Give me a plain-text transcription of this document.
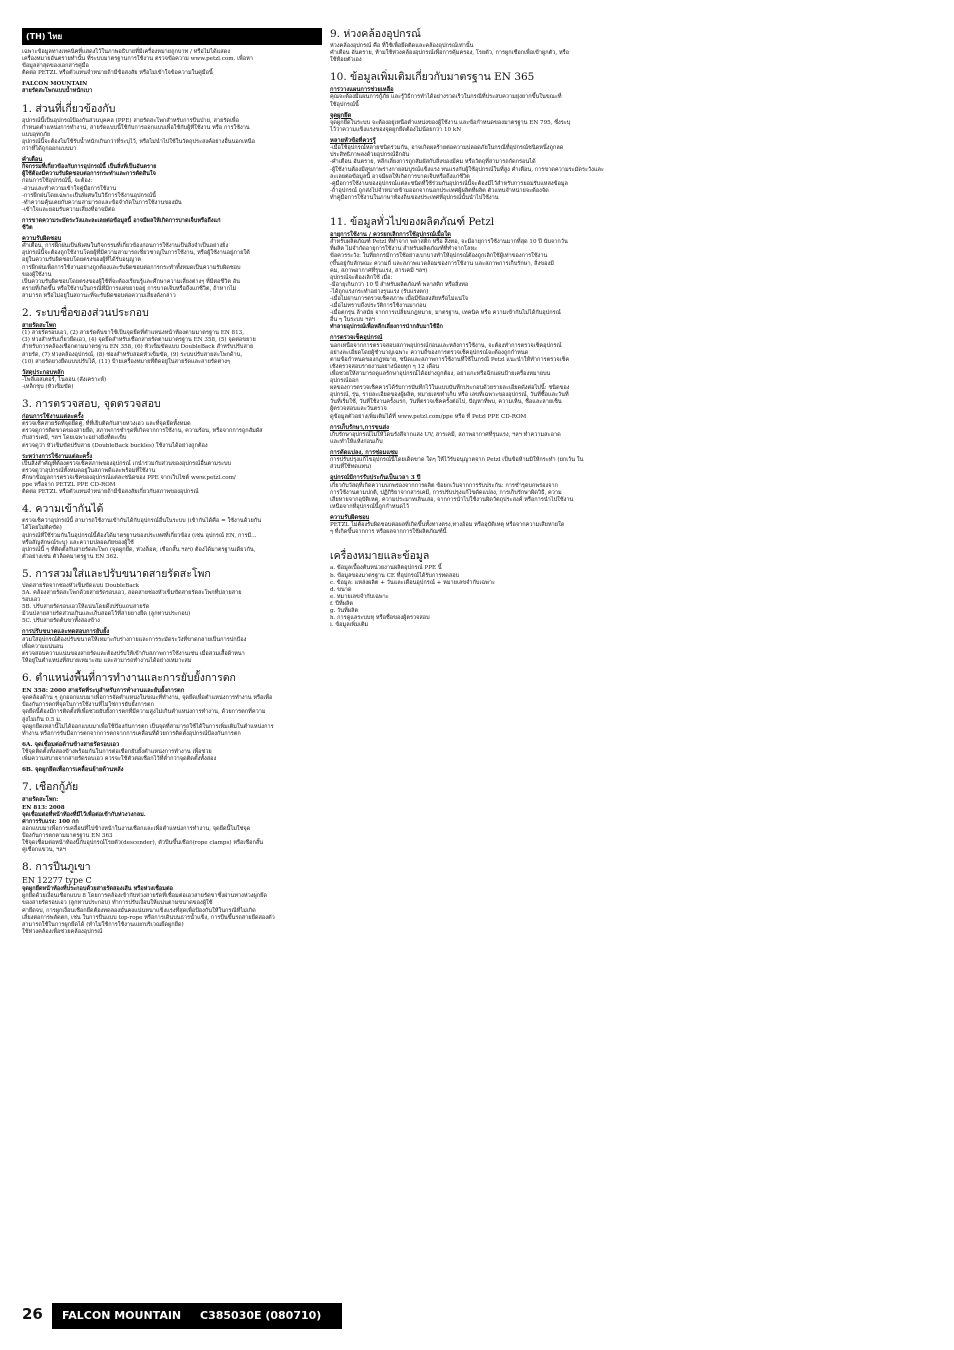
(TH) ไทย

เฉพาะข้อมูลทางเทคนิคที่แสดงไว้ในภาพอธิบายที่มีเครื่องหมายถูกบาท / หรือไม่ได้แสดง

เครื่องหมายอันตรายทำนั้น ที่ระบบมาตรฐานการใช้งาน ตรวจข้อความ www.petzl.com. เพื่อหา

ข้อมูลล่าสุดของเอกสารคู่มือ

ติดต่อ PETZL หรือตัวแทนจำหน่ายถ้ามีข้อสงสัย หรือไม่เข้าใจข้อความในคู่มือนี้

FALCON MOUNTAIN

สายรัดสะโพกแบบน้ำหนักเบา

1. ส่วนที่เกี่ยวข้องกับ

อุปกรณ์นี้เป็นอุปกรณ์ป้องกันส่วนบุคคล (PPE) สายรัดสะโพกสำหรับการปีนป่าย, สายรัดเพื่อ

กำหนดตำแหน่งการทำงาน, สายรัดแบบนี้ใช้กับการออกแบบเพื่อใช้กับผู้ที่ใช้งาน หรือ การใช้งาน

แบบอุทกภัย

อุปกรณ์นี้จะต้องไม่ใช้รับน้ำหนักเกินกว่าที่ระบุไว้, หรือไม่นำไปใช้ในวัตถุประสงค์อย่างอื่นนอกเหนือ

กว่าที่ได้ถูกออกแบบมา

คำเตือน

กิจกรรมที่เกี่ยวข้องกับการอุปกรณ์นี้ เป็นสิ่งที่เป็นอันตราย

ผู้ใช้ต้องมีความรับผิดชอบต่อการกระทำและการตัดสินใจ

ก่อนการใช้อุปกรณ์นี้, จะต้อง:

-อ่านและทำความเข้าใจคู่มือการใช้งาน

-การฝึกฝนโดยเฉพาะเป็นพิเศษในวิธีการใช้งานอุปกรณ์นี้

-ทำความคุ้นเคยกับความสามารถและข้อจำกัดในการใช้งานของมัน

-เข้าใจและยอมรับความเสี่ยงที่อาจมีต่อ

การขาดความระมัดระวังและละเลยต่อข้อมูลนี้ อาจมีผลให้เกิดการบาดเจ็บหรือถึงแก่

ชีวิต

ความรับผิดชอบ

คำเตือน, การฝึกฝนเป็นพิเศษในกิจกรรมที่เกี่ยวข้องก่อนการใช้งานเป็นสิ่งจำเป็นอย่างยิ่ง

อุปกรณ์นี้จะต้องถูกใช้งานโดยผู้ที่มีความสามารถเชี่ยวชาญในการใช้งาน, หรือผู้ใช้งานอยู่ภายใต้

อยู่ในความรับผิดชอบโดยตรงของผู้ที่ได้รับอนุญาต

การฝึกฝนเพื่อการใช้งานอย่างถูกต้องและรับผิดชอบต่อการกระทำทั้งหมดเป็นความรับผิดชอบ

ของผู้ใช้งาน

เป็นความรับผิดชอบโดยตรงของผู้ใช้ที่จะต้องเรียนรู้และศึกษาความเสี่ยงต่างๆ ที่มีต่อชีวิต อัน

ตรายที่เกิดขึ้น หรือใช้งานในกรณีที่มีการแผ่ขยายอยู่ การบาดเจ็บหรือถึงแก่ชีวิต, ถ้าหากไม่

สามารถ หรือไม่อยู่ในสถานะที่จะรับผิดชอบต่อความเสี่ยงดังกล่าว

2. ระบบชื่อของส่วนประกอบ
สายรัดสะโพก

(1) สายรัดรอบเอว, (2) สายรัดต้นขาใช้เป็นจุดยึดที่ตำแหน่งหน้าท้องตามมาตรฐาน EN 813,

(3) ห่วงสำหรับเกี่ยวยึดเอว, (4) จุดยึดสำหรับเชือกสายรัดตามมาตรฐาน EN 358, (5) จุดต่อขยาย

สำหรับการคล้องเชือกตามมาตรฐาน EN 358, (6) หัวเข็มขัดแบบ DoubleBack สำหรับปรับสาย

สายรัด, (7) ห่วงคล้องอุปกรณ์, (8) ช่องสำหรับสอดหัวเข็มขัด, (9) ระบบปรับสายสะโพกด้าน,

(10) สายรัดยางยืดแบบปรับได้, (11) ป้ายเครื่องหมายที่ติดอยู่ในสายรัดและสายรัดต่างๆ

วัสดุประกอบหลัก

-โพลีเอสเตอร์, ไนลอน (สังเคราะห์)

-เหล็กชุบ (หัวเข็มขัด)

3. การตรวจสอบ, จุดตรวจสอบ
ก่อนการใช้งานแต่ละครั้ง

ตรวจเช็คสายรัดที่จุดยึดคู่, ที่ที่เย็บติดกับสายห่วงเอว และที่จุดยึดทั้งหมด

ตรวจดูการติดขาดของสายยึด, สภาพการชำรุดที่เกิดจากการใช้งาน, ความร้อน, หรือจากการถูกสัมผัส

กับสารเคมี, ฯลฯ โดยเฉพาะอย่างยิ่งที่ตะเข็บ

ตรวจดูว่า หัวเข็มขัดปรับสาย (DoubleBack buckles) ใช้งานได้อย่างถูกต้อง

ระหว่างการใช้งานแต่ละครั้ง

เป็นสิ่งสำคัญที่ต้องตรวจเช็คสภาพของอุปกรณ์ เกนำร่วมกับส่วนของอุปกรณ์อื่นตามระบบ

ตรวจดูว่าอุปกรณ์ทั้งหมดอยู่ในสภาพดีและพร้อมที่ใช้งาน

ศึกษาข้อมูลการตรวจเช็คของอุปกรณ์แต่ละชนิดของ PPE จากเว็บไซต์ www.petzl.com/

ppe หรือจาก PETZL PPE CD-ROM

ติดต่อ PETZL หรือตัวแทนจำหน่ายถ้ามีข้อสงสัยเกี่ยวกับสภาพของอุปกรณ์

4. ความเข้ากันได้

ตรวจเช็คว่าอุปกรณ์นี้ สามารถใช้งานเข้ากันได้กับอุปกรณ์อื่นในระบบ (เข้ากันได้คือ = ใช้งานด้วยกัน

ได้โดยไม่ติดขัด)

อุปกรณ์ที่ใช้ร่วมกันในอุปกรณ์นี้ต้องได้มาตรฐานของประเทศที่เกี่ยวข้อง (เช่น อุปกรณ์ EN, การมี...

หรือสัญลักษณ์ระบุ) และความปลอดภัยของผู้ใช้

อุปกรณ์นี้ ๆ ที่ติดตั้งกับสายรัดสะโพก (จุดผูกยึด, ห่วงล็อค, เชือกสั้น ฯลฯ) ต้องได้มาตรฐานเดียวกัน,

ตัวอย่างเช่น ตัวล็อคมาตรฐาน EN 362.

5. การสวมใส่และปรับขนาดสายรัดสะโพก

ปลดสายรัดจากช่องหัวเข็มขัดแบบ DoubleBack

5A. คล้องสายรัดสะโพกด้วยสายรัดรอบเอว, สอดสายช่องหัวเข็มขัดสายรัดสะโพกที่ปลายสาย

รอบเอว

5B. ปรับสายรัดรอบเอวให้แน่นโดยดึงปรับแถบสายรัด

ม้วนปลายสายรัดส่วนเกินและเก็บสอดไว้ที่สายยางยืด (ลูกทานประกอบ)

5C. ปรับสายรัดต้นขาทั้งสองข้าง

การปรับขนาดและทดสอบการยับยั้ง

สวมใส่อุปกรณ์ต้องปรับขนาดให้เหมาะกับร่างกายและการระมัดระวังที่ขาดกลายเป็นการปกป้อง

เพื่อความแน่นอน

ตรวจสอบความแน่นของสายรัดและต้องปรับให้เข้ากับสภาพการใช้งานเช่น เมื่อสวมเสื้อผ้าหนา

ให้อยู่ในตำแหน่งที่สบายเหมาะสม และสามารถทำงานได้อย่างเหมาะสม

6. ตำแหน่งพื้นที่การทำงานและการยับยั้งการตก
EN 358: 2000 สายรัดที่ระบุสำหรับการทำงานและยับยั้งการตก

จุดคล้องด้าน ๆ ถูกออกแบบมาเพื่อการจัดตำแหน่งในขณะที่ทำงาน, จุดยึดเพื่อตำแหน่งการทำงาน หรือเพื่อ

ป้องกันการตกที่จุดในการใช้งานที่ไม่ใช่การยับยั้งการตก

จุดยึดนี้ต้องมีการติดตั้งที่เพื่อช่วยยับยั้งการตกที่มีความสูงไม่เกินตำแหน่งการทำงาน, ด้วยการตกที่ความ

สูงไม่เกิน 0.5 ม.

จุดผูกยึดเหล่านี้ไม่ได้ออกแบบมาเพื่อใช้ป้องกันการตก เป็นจุดที่สามารถใช้ได้ในการเพิ่มเติมในตำแหน่งการ

ทำงาน หรือการรับมือการตกจากการตกจากการเคลื่อนที่ด้วยการติดตั้งอุปกรณ์ป้องกันการตก

6A. จุดเชื่อมต่อด้านข้างสายรัดรอบเอว

ใช้จุดติดตั้งทั้งสองข้างพร้อมกันในการต่อเชือกยับยั้งตำแหน่งการทำงาน เพื่อช่วย

เพิ่มความสบายจากสายรัดรอบเอว ควรจะใช้ตัวต่อเชือกไว้ที่ต่ำกว่าจุดติดตั้งทั้งสอง

6B. จุดผูกยึดเพื่อการเคลื่อนย้ายด้านหลัง
7. เชือกกู้ภัย
สายรัดสะโพก:

EN 813: 2008

จุดเชื่อมต่อที่หน้าท้องที่มีไว้เพื่อต่อเข้ากับห่วงวงกลม.

ค่าการรับแรง: 100 กก

ออกแบบมาเพื่อการเคลื่อนที่ไปข้างหน้าในงานเชือกและเพื่อตำแหน่งการทำงาน, จุดยึดนี้ไม่ใช่จุด

ป้องกันการตกตามมาตรฐาน EN 363

ใช้จุดเชื่อมต่อหน้าท้องนี้กับอุปกรณ์โรยตัว(descender), ตัวปีนขึ้นเชือก(rope clamps) หรือเชือกสั้น

คู่เชือกแขวน, ฯลฯ

8. การปีนภูเขา

EN 12277 type C

จุดผูกยึดหน้าท้องที่ประกอบด้วยสายรัดสองเส้น หรือห่วงเชื่อมต่อ

ผูกยึดด้วยเงื่อนเชือกแบบ 8 โดยการคล้องเข้ากับห่วงสายรัดที่เชื่อมต่อเอวสายรัดขาซึ่งผ่านทางห่วงผูกยึด

ของสายรัดรอบเอว (ลูกทานประกอบ) ทำการปรับเงื่อนให้แน่นตามขนาดของผู้ใช้

ค่ายึดจบ, การผูกเงื่อนเชือกยึดต้องทดลองมั่นคงแน่นหนาแข็งแรงที่สุดเพื่อป้องกันให้ในกรณีที่ไม่เกิด

เสี่ยงต่อการพลัดตก, เช่น ในการปีนแบบ top-rope หรือการเดินบนธารน้ำแข็ง, การปีนขึ้นรถสายยึดสองตัว

สามารถใช้ในการผูกยึดได้ (ทำไม่ใช้การใช้งานแยกบริเวณยึดผูกยึด)

ใช้ห่วงคล้องเพื่อช่วยคล้องอุปกรณ์

9. ห่วงคล้องอุปกรณ์

ห่วงคล้องอุปกรณ์ คือ ที่ใช้เพื่อยึดติดและคล้องอุปกรณ์เท่านั้น

คำเตือน อันตราย, ห้ามใช้ห่วงคล้องอุปกรณ์เพื่อการคุ้มครอง, โรยตัว, การผูกเชือกเพื่อเข้าผูกตัว, หรือ

ใช้ห้อยตัวเอง

10. ข้อมูลเพิ่มเติมเกี่ยวกับมาตรฐาน EN 365
การวางแผนการช่วยเหลือ

คุณจะต้องมีแผนการกู้ภัย และรู้วิธีการทำได้อย่างรวดเร็วในกรณีที่ประสบความยุ่งยากขึ้นในขณะที่

ใช้อุปกรณ์นี้

จุดผูกยึด

จุดผูกยึดในระบบ จะต้องอยู่เหนือตำแหน่งของผู้ใช้งาน และข้อกำหนดของมาตรฐาน EN 795, ซึ่งระบุ

ไว้ว่าความแข็งแรงของจุดผูกยึดต้องไม่น้อยกว่า 10 kN

หลายหัวข้อที่ควรรู้

-เมื่อใช้อุปกรณ์หลายชนิดร่วมกัน, อาจเกิดผลร้ายต่อความปลอดภัยในกรณีที่อุปกรณ์ชนิดหนึ่งถูกลด

ประสิทธิภาพลงด้วยอุปกรณ์อีกอัน

-คำเตือน อันตราย, หลีกเลี่ยงการถูกสัมผัสกับสิ่งของมีคม หรือวัตถุที่สามารถกัดกร่อนได้

-ผู้ใช้งานต้องมีสุขภาพร่างกายสมบูรณ์แข็งแรง ทนแรงกับผู้ใช้อุปกรณ์ในที่สูง คำเตือน, การขาดความระมัดระวังและ

ละเลยต่อข้อมูลนี้ อาจมีผลให้เกิดการบาดเจ็บหรือถึงแก่ชีวิต

-คู่มือการใช้งานของอุปกรณ์แต่ละชนิดที่ใช้ร่วมกันอุปกรณ์นี้จะต้องมีไว้สำหรับการยอมรับแหล่งข้อมูล

-ถ้าอุปกรณ์ ถูกส่งไปจำหน่ายข้ามออกจากนอกประเทศผู้ผลิตที่ผลิต ตัวแทนจำหน่ายจะต้องจัด

ทำคู่มือการใช้งานในภาษาท้องถิ่นของประเทศที่อุปกรณ์นั้นนำไปใช้งาน

11. ข้อมูลทั่วไปของผลิตภัณฑ์ Petzl
อายุการใช้งาน / ควรยกเลิกการใช้อุปกรณ์เมื่อใด

สำหรับผลิตภัณฑ์ Petzl ที่ทำจาก พลาสติก หรือ สิ่งทอ, จะมีอายุการใช้งานมากที่สุด 10 ปี นับจากวัน

ที่ผลิต ไม่จำกัดอายุการใช้งาน สำหรับผลิตภัณฑ์ที่ทำจากโลหะ

ข้อควรระวัง: ในที่ยกกรมีการใช้อย่างเบาบางทำให้อุปกรณ์ต้องถูกเลิกใช้ผู้เท่าของการใช้งาน

(ขึ้นอยู่กับลักษณะ ความถี่ และสภาพแวดล้อมของการใช้งาน และสภาพการเก็บรักษา, สิ่งของมี

คม, สภาพอากาศที่รุนแรง, สารเคมี ฯลฯ)

อุปกรณ์จะต้องเลิกใช้ เมื่อ:

-มีอายุเกินกว่า 10 ปี สำหรับผลิตภัณฑ์ พลาสติก หรือสิ่งทอ

-ได้ถูกแรงกระทำอย่างรุนแรง (รับแรงตก)

-เมื่อไม่ผ่านการตรวจเช็คสภาพ เมื่อมีข้อสงสัยหรือไม่แน่ใจ

-เมื่อไม่ทราบถึงประวัติการใช้งานมาก่อน

-เมื่อตกรุ่น ล้าสมัย จากการเปลี่ยนกฎหมาย, มาตรฐาน, เทคนิค หรือ ความเข้ากันไม่ได้กับอุปกรณ์

อื่น ๆ ในระบบ ฯลฯ

ทำลายอุปกรณ์เพื่อหลีกเลี่ยงการนำกลับมาใช้อีก

การตรวจเช็คอุปกรณ์

นอกเหนือจากการตรวจสอบสภาพอุปกรณ์ก่อนและหลังการใช้งาน, จะต้องทำการตรวจเช็คอุปกรณ์

อย่างละเอียดโดยผู้ชำนาญเฉพาะ ความถี่ของการตรวจเช็คอุปกรณ์จะต้องถูกกำหนด

ตามข้อกำหนดของกฎหมาย, ชนิดและสภาพการใช้งานที่ใช้ในกรณี Petzl แนะนำให้ทำการตรวจเช็ค

เชิงตรวจสอบรายงานอย่างน้อยทุก ๆ 12 เดือน

เพื่อช่วยให้สามารถดูแลรักษาอุปกรณ์ได้อย่างถูกต้อง, อย่าแกะหรือฉีกแผ่นป้ายเครื่องหมายบน

อุปกรณ์ออก

ผลของการตรวจเช็คควรได้รับการบันทึกไว้ในแบบบันทึกประกอบด้วยรายละเอียดดังต่อไปนี้: ชนิดของ

อุปกรณ์, รุ่น, รายละเอียดของผู้ผลิต, หมายเลขทำเก็บ หรือ เลขที่เฉพาะของอุปกรณ์, วันที่ซื้อและวันที่

วันที่เริ่มใช้, วันที่ใช้งานครั้งแรก, วันที่ตรวจเช็คครั้งต่อไป, ปัญหาที่พบ, ความเห็น, ชื่อและลายเซ็น

ผู้ตรวจสอบและวันตรวจ

ดูข้อมูลตัวอย่างเพิ่มเติมได้ที่ www.petzl.com/ppe หรือ ที่ Petzl PPE CD-ROM

การเก็บรักษา,การขนส่ง

เก็บรักษาอุปกรณ์ไม่ให้โดนรังสีจากแสง UV, สารเคมี, สภาพอากาศที่รุนแรง, ฯลฯ ทำความสะอาด

และทำให้แห้งก่อนเก็บ

การดัดแปลง, การซ่อมแซม

การปรับปรุงแก้ไขอุปกรณ์นี้โดยเด็ดขาด ใดๆ ให้ไว้รับอนุญาตจาก Petzl เป็นข้อห้ามมิให้กระทำ (ยกเว้น ใน

ส่วนที่ใช้ทดแทน)

อุปกรณ์มีการรับประกันเป็นเวลา 3 ปี

เกี่ยวกับวัสดุที่เกิดความบกพร่องจากการผลิต ข้อยกเว้นจากการรับประกัน: การชำรุดบกพร่องจาก

การใช้งานตามปกติ, ปฏิกิริยาจากสารเคมี, การปรับปรุงแก้ไขดัดแปลง, การเก็บรักษาผิดวิธี, ความ

เสียหายจากอุบัติเหตุ, ความประมาทเลินเล่อ, จากการนำไปใช้งานผิดวัตถุประสงค์ หรือการนำไปใช้งาน

เหนือจากที่อุปกรณ์นี้ถูกกำหนดไว้

ความรับผิดชอบ

PETZL ไม่ต้องรับผิดชอบต่อผลที่เกิดขึ้นทั้งทางตรง,ทางอ้อม หรืออุบัติเหตุ หรือจากความเสียหายใด

ๆ ที่เกิดขึ้นจากการ หรือผลจากการใช้ผลิตภัณฑ์นี้

เครื่องหมายและข้อมูล

a. ข้อมูลเบื้องต้นหน่วยงานผลิตอุปกรณ์ PPE นี้

b. ข้อมูลของมาตรฐาน CE ที่อุปกรณ์ได้รับการทดสอบ

c. ข้อมูล: แหล่งผลิต + วันและเดือนอุปกรณ์ + หมายเลขจำกับเฉพาะ

d. ขนาด

e. หมายเลขจำกับเฉพาะ

f. ปีที่ผลิต

g. วันที่ผลิต

h. การดูแลระบบหุ หรือชื่อของผู้ตรวจสอบ

i. ข้อมูลเพิ่มเติม

26 FALCON MOUNTAIN C385030E (080710)
